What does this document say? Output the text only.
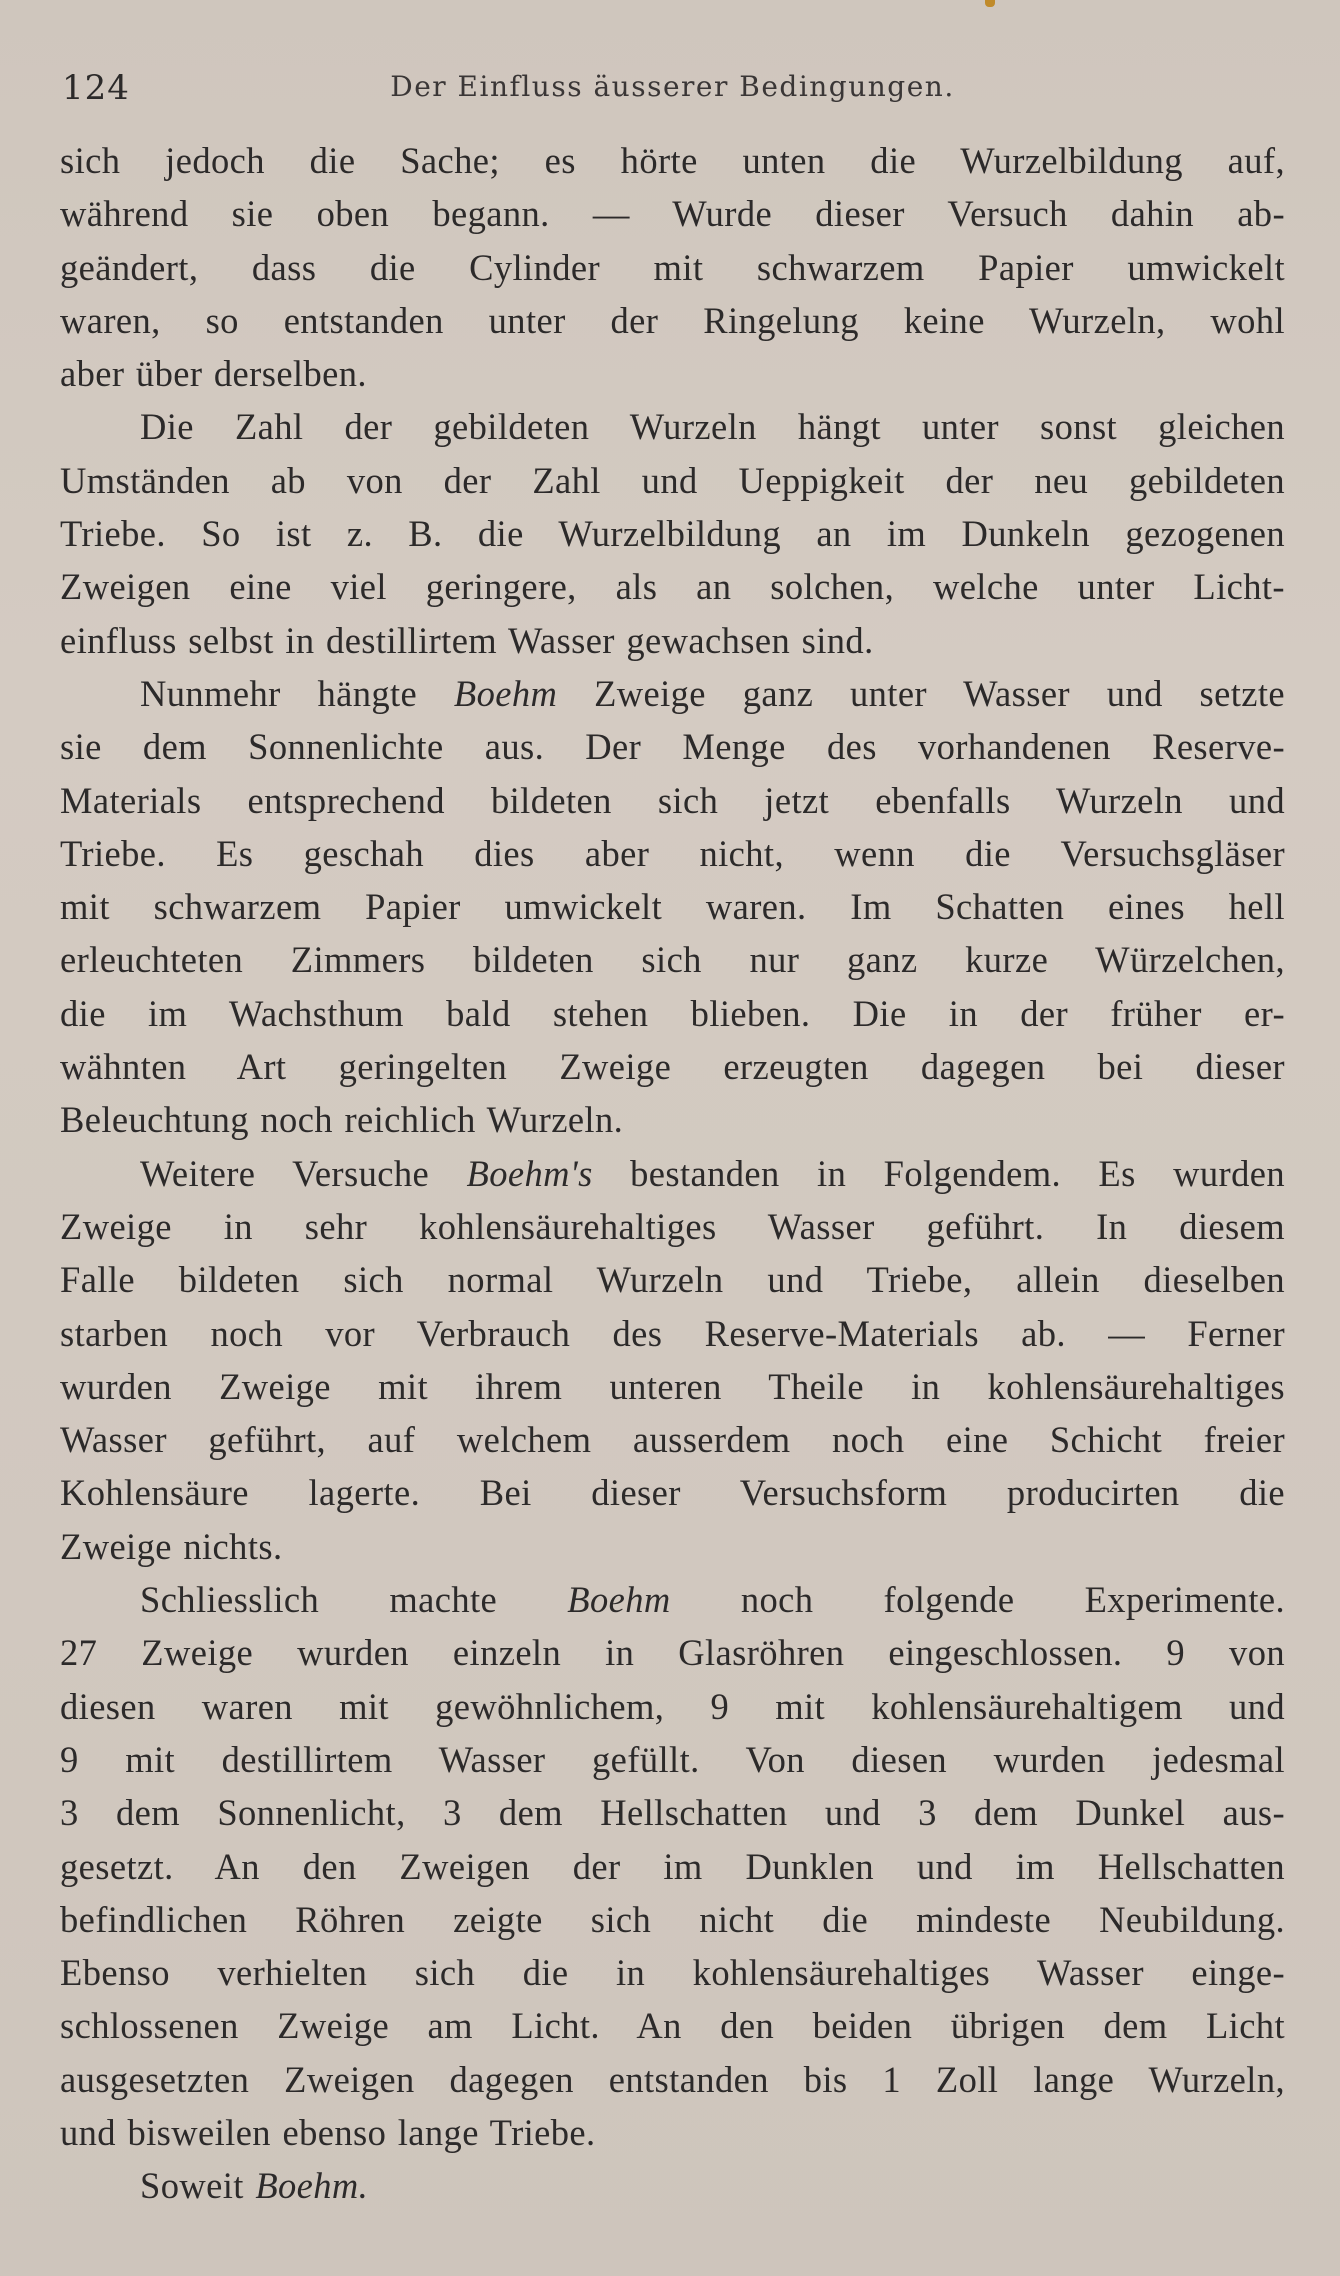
124	Der Einfluss äusserer Bedingungen.
sich jedoch die Sache; es hörte unten die Wurzelbildung auf,
während sie oben begann. — Wurde dieser Versuch dahin ab-
geändert, dass die Cylinder mit schwarzem Papier umwickelt
waren, so entstanden unter der Ringelung keine Wurzeln, wohl
aber über derselben.
Die Zahl der gebildeten Wurzeln hängt unter sonst gleichen
Umständen ab von der Zahl und Ueppigkeit der neu gebildeten
Triebe. So ist z. B. die Wurzelbildung an im Dunkeln gezogenen
Zweigen eine viel geringere, als an solchen, welche unter Licht-
einfluss selbst in destillirtem Wasser gewachsen sind.
Nunmehr hängte Boehm Zweige ganz unter Wasser und setzte
sie dem Sonnenlichte aus. Der Menge des vorhandenen Reserve-
Materials entsprechend bildeten sich jetzt ebenfalls Wurzeln und
Triebe. Es geschah dies aber nicht, wenn die Versuchsgläser
mit schwarzem Papier umwickelt waren. Im Schatten eines hell
erleuchteten Zimmers bildeten sich nur ganz kurze Würzelchen,
die im Wachsthum bald stehen blieben. Die in der früher er-
wähnten Art geringelten Zweige erzeugten dagegen bei dieser
Beleuchtung noch reichlich Wurzeln.
Weitere Versuche Boehm's bestanden in Folgendem. Es wurden
Zweige in sehr kohlensäurehaltiges Wasser geführt. In diesem
Falle bildeten sich normal Wurzeln und Triebe, allein dieselben
starben noch vor Verbrauch des Reserve-Materials ab. — Ferner
wurden Zweige mit ihrem unteren Theile in kohlensäurehaltiges
Wasser geführt, auf welchem ausserdem noch eine Schicht freier
Kohlensäure lagerte. Bei dieser Versuchsform producirten die
Zweige nichts.
Schliesslich machte Boehm noch folgende Experimente.
27 Zweige wurden einzeln in Glasröhren eingeschlossen. 9 von
diesen waren mit gewöhnlichem, 9 mit kohlensäurehaltigem und
9 mit destillirtem Wasser gefüllt. Von diesen wurden jedesmal
3 dem Sonnenlicht, 3 dem Hellschatten und 3 dem Dunkel aus-
gesetzt. An den Zweigen der im Dunklen und im Hellschatten
befindlichen Röhren zeigte sich nicht die mindeste Neubildung.
Ebenso verhielten sich die in kohlensäurehaltiges Wasser einge-
schlossenen Zweige am Licht. An den beiden übrigen dem Licht
ausgesetzten Zweigen dagegen entstanden bis 1 Zoll lange Wurzeln,
und bisweilen ebenso lange Triebe.
Soweit Boehm.
